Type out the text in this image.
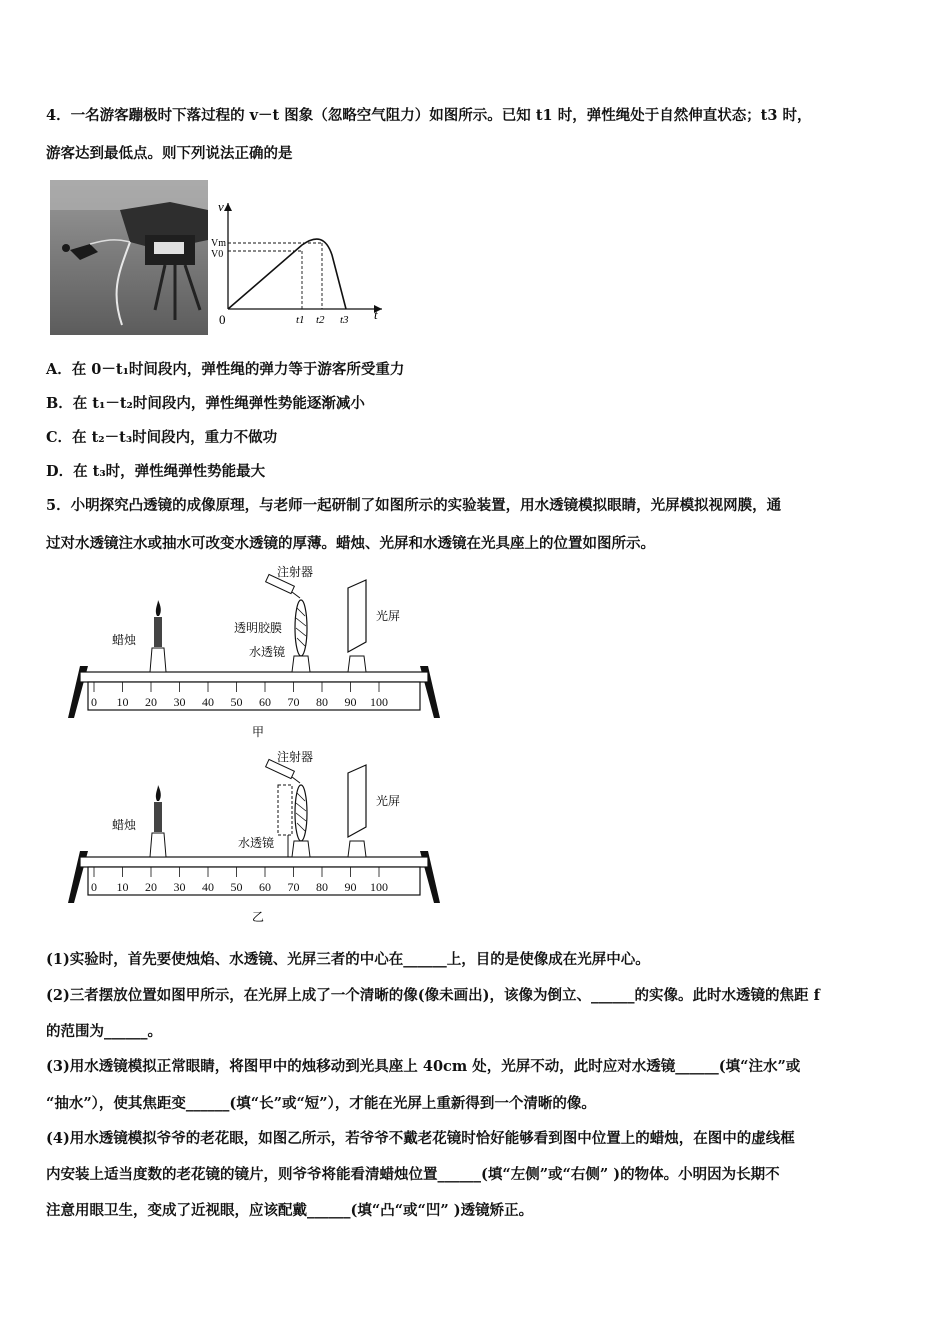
4．一名游客蹦极时下落过程的 v－t 图象（忽略空气阻力）如图所示。已知 t1 时，弹性绳处于自然伸直状态；t3 时，
游客达到最低点。则下列说法正确的是
v
t
0
Vm
V0
t1 t2 t3
A．在 0－t₁时间段内，弹性绳的弹力等于游客所受重力
B．在 t₁－t₂时间段内，弹性绳弹性势能逐渐减小
C．在 t₂－t₃时间段内，重力不做功
D．在 t₃时，弹性绳弹性势能最大
5．小明探究凸透镜的成像原理，与老师一起研制了如图所示的实验装置，用水透镜模拟眼睛，光屏模拟视网膜，通
过对水透镜注水或抽水可改变水透镜的厚薄。蜡烛、光屏和水透镜在光具座上的位置如图所示。
0 10 20 30 40 50 60 70 80 90 100
注射器
透明胶膜
水透镜
蜡烛
光屏
甲
0 10 20 30 40 50 60 70 80 90 100
注射器
水透镜
蜡烛
光屏
乙
(1)实验时，首先要使烛焰、水透镜、光屏三者的中心在______上，目的是使像成在光屏中心。
(2)三者摆放位置如图甲所示，在光屏上成了一个清晰的像(像未画出)，该像为倒立、______的实像。此时水透镜的焦距 f
的范围为______。
(3)用水透镜模拟正常眼睛，将图甲中的烛移动到光具座上 40cm 处，光屏不动，此时应对水透镜______(填“注水”或
“抽水”），使其焦距变______(填“长”或“短”），才能在光屏上重新得到一个清晰的像。
(4)用水透镜模拟爷爷的老花眼，如图乙所示，若爷爷不戴老花镜时恰好能够看到图中位置上的蜡烛，在图中的虚线框
内安装上适当度数的老花镜的镜片，则爷爷将能看清蜡烛位置______(填“左侧”或“右侧” )的物体。小明因为长期不
注意用眼卫生，变成了近视眼，应该配戴______(填“凸“或“凹” )透镜矫正。
